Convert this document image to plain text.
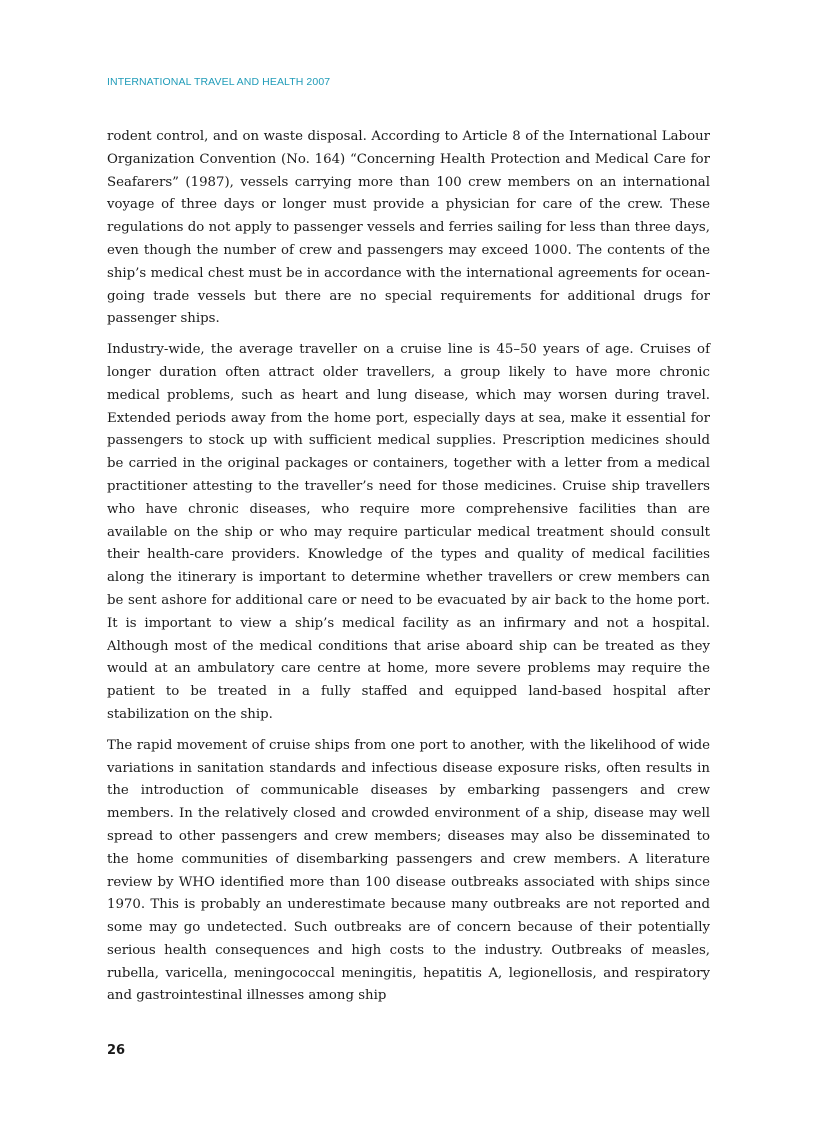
INTERNATIONAL TRAVEL AND HEALTH 2007

rodent control, and on waste disposal. According to Article 8 of the International Labour Organization Convention (No. 164) “Concerning Health Protection and Medical Care for Seafarers” (1987), vessels carrying more than 100 crew members on an international voyage of three days or longer must provide a physician for care of the crew. These regulations do not apply to passenger vessels and ferries sailing for less than three days, even though the number of crew and passengers may exceed 1000. The contents of the ship’s medical chest must be in accordance with the international agreements for ocean-going trade vessels but there are no special requirements for additional drugs for passenger ships.

Industry-wide, the average traveller on a cruise line is 45–50 years of age. Cruises of longer duration often attract older travellers, a group likely to have more chronic medical problems, such as heart and lung disease, which may worsen during travel. Extended periods away from the home port, especially days at sea, make it essential for passengers to stock up with sufficient medical supplies. Prescription medicines should be carried in the original packages or containers, together with a letter from a medical practitioner attesting to the traveller’s need for those medicines. Cruise ship travellers who have chronic diseases, who require more comprehensive facilities than are available on the ship or who may require particular medical treatment should consult their health-care providers. Knowledge of the types and quality of medical facilities along the itinerary is important to determine whether travellers or crew members can be sent ashore for additional care or need to be evacuated by air back to the home port. It is important to view a ship’s medical facility as an infirmary and not a hospital. Although most of the medical conditions that arise aboard ship can be treated as they would at an ambulatory care centre at home, more severe problems may require the patient to be treated in a fully staffed and equipped land-based hospital after stabilization on the ship.

The rapid movement of cruise ships from one port to another, with the likelihood of wide variations in sanitation standards and infectious disease exposure risks, often results in the introduction of communicable diseases by embarking passengers and crew members. In the relatively closed and crowded environment of a ship, disease may well spread to other passengers and crew members; diseases may also be disseminated to the home communities of disembarking passengers and crew members. A literature review by WHO identified more than 100 disease outbreaks associated with ships since 1970. This is probably an underestimate because many outbreaks are not reported and some may go undetected. Such outbreaks are of concern because of their potentially serious health consequences and high costs to the industry. Outbreaks of measles, rubella, varicella, meningococcal meningitis, hepatitis A, legionellosis, and respiratory and gastrointestinal illnesses among ship

26
